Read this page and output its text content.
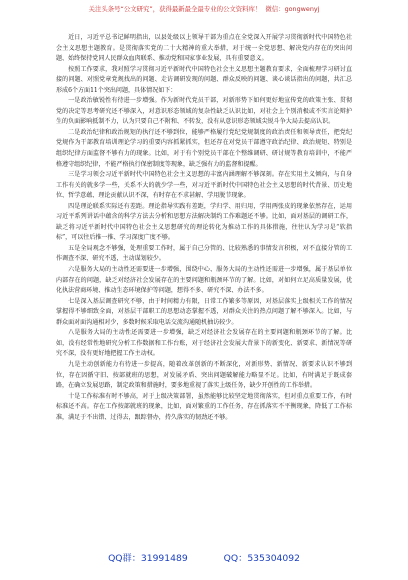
关注头条号“公文研究”，获得最新最全最专业的公文资料库！ 微信：gongwenyj

近日，习近平总书记鲜明指出，以县处级以上领导干部为重点在全党深入开展学习贯彻新时代中国特色社会主义思想主题教育。是贯彻落实党的二十大精神的重大举措，对于统一全党思想、解决党内存在的突出问题、始终保持党同人民群众血肉联系、推动党和国家事业发展，具有重要意义。

按照工作要求，我对照学习贯彻习近平新时代中国特色社会主义思想主题教育要求，全面梳理学习研讨直接的问题、对照党章党规找出的问题、走访调研发现的问题、群众反映的问题、谈心谈话指出的问题，共汇总形成6个方面11个突出问题，具体情况如下：

一是政治敏锐性有待进一步增强。作为新时代党员干部，对新形势下如何更好地宣传党的政策主张、贯彻党的决定等思考研究还不够深入，对意识形态领域的复杂性缺乏认识比如，对社会上个别消极或不实言论辩护生的负面影响抵制不力，认为只要自己不附和、不转发，没有从意识形态领域尖锐斗争大局去提高认识。

二是政治纪律和政治规矩的执行还不够到位，能够严格履行党纪党规制度的政治责任和领导责任，把党纪党规作为干部教育培训理论学习的重要内容抓紧抓实，但还存在对党员干部遵守政治纪律、政治规矩、特别是组织纪律方面监督不够有力的现象。比如，对于有个别党员干部在个整维调研、研讨规等教育培训中，不能严格遵守组织纪律，不能严格执行保密制度等现象，缺乏强有力的监督和提醒。

三是学习领会习近平新时代中国特色社会主义思想的丰富内涵理解不够深刻。存在实用主义倾向，与自身工作有关的就多学一些，关系不大的就少学一些，对习近平新时代中国特色社会主义思想的时代背景、历史地位、哲学意蕴、理论贡献认识不深，有时存在不求甚解、学用脱节现象。

四是理论联系实际还有差距。理论指导实践有差距，学归学、用归用，学用两张皮的现象依然存在，运用习近平系列讲话中蕴含的科学方法去分析和思想方法解决制约工作难题还不够。比如，面对基层的调研工作，缺乏将习近平新时代中国特色社会主义思想研究的理论转化为推动工作的具体措施，往往认为学习是“软指标”，可以往后推一推、学习深度广度不够。

五是全局观念不够强，处理重要工作时，属于自己分管的、比较熟悉的事情发言积极，对不直接分管的工作调查不深、研究不透，主动谋划较少。

六是服务大局的主动性还需要进一步增强，围绕中心、服务大局的主动性还需进一步增强，属于基层单位内部存在的问题，缺乏对经济社会发展存在的主要问题和瓶颈环节的了解。比如，对如何立足高质量发展，优化执法营商环境、推动生态环境保护等问题，想得不多、研究不深、办法不多。

七是深入基层调查研究不够，由于时间精力有限，日常工作繁多等原因，对基层落实上级相关工作的情况掌握得不够细致全面，对基层干部职工的思想动态掌握不透，对群众关注的热点问题了解不够深入。比如，与群众面对面沟通相对少，多数时候采取电话交流沟通随机抽访较少。

八是服务大局的主动性还需要进一步增强，缺乏对经济社会发展存在的主要问题和瓶颈环节的了解。比如，没有经常性地研究分析工作数据和工作台账，对于经济社会发展大背景下的新变化、新要求、新情况等研究不深，没有更好地把握工作主动权。

九是主动创新能力有待进一步提高，随着改革创新的不断深化，对新形势、新情况、新要求认识不够到位，存在因循守旧、按部就班的思想，对发展矛盾、突出问题破解能力略显不足。比如，有时满足于既成套路，在确立发展思路，制定政策和措施时，要多地重视了落实上级任务，缺少开创性的工作举措。

十是工作标准有时不够高，对于上级决策部署，虽然能够比较坚定地贯彻落实，但对重点重要工作，有时标准还不高。存在工作按部就班的现象，比如，面对繁重的工作任务，存在抓落实不平衡现象，降低了工作标准，满足于不出错、过得去，跟踪督办，持久落实的韧劲还不够。

QQ群：31991489	QQ：535304092
